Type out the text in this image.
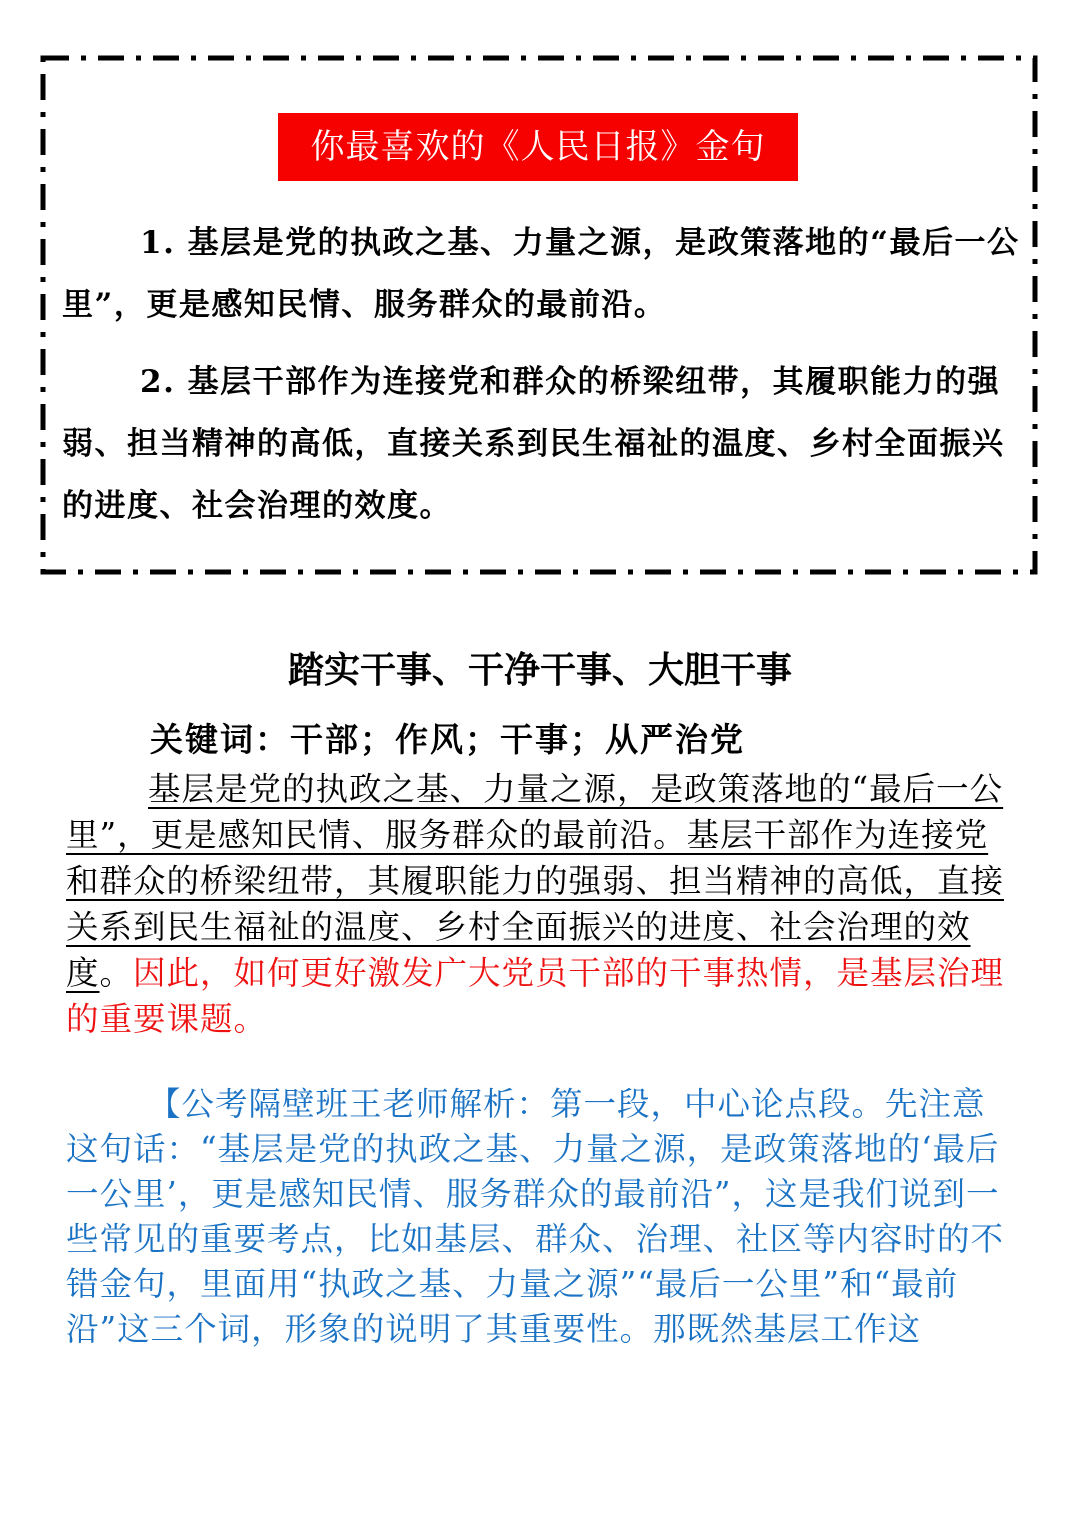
你最喜欢的《人民日报》金句
1. 基层是党的执政之基、力量之源，是政策落地的“最后一公里”，更是感知民情、服务群众的最前沿。
2. 基层干部作为连接党和群众的桥梁纽带，其履职能力的强弱、担当精神的高低，直接关系到民生福祉的温度、乡村全面振兴的进度、社会治理的效度。
踏实干事、干净干事、大胆干事
关键词：干部；作风；干事；从严治党
基层是党的执政之基、力量之源，是政策落地的“最后一公里”，更是感知民情、服务群众的最前沿。基层干部作为连接党和群众的桥梁纽带，其履职能力的强弱、担当精神的高低，直接关系到民生福祉的温度、乡村全面振兴的进度、社会治理的效度。因此，如何更好激发广大党员干部的干事热情，是基层治理的重要课题。
【公考隔壁班王老师解析：第一段，中心论点段。先注意这句话：“基层是党的执政之基、力量之源，是政策落地的‘最后一公里’，更是感知民情、服务群众的最前沿”，这是我们说到一些常见的重要考点，比如基层、群众、治理、社区等内容时的不错金句，里面用“执政之基、力量之源”“最后一公里”和“最前沿”这三个词，形象的说明了其重要性。那既然基层工作这
